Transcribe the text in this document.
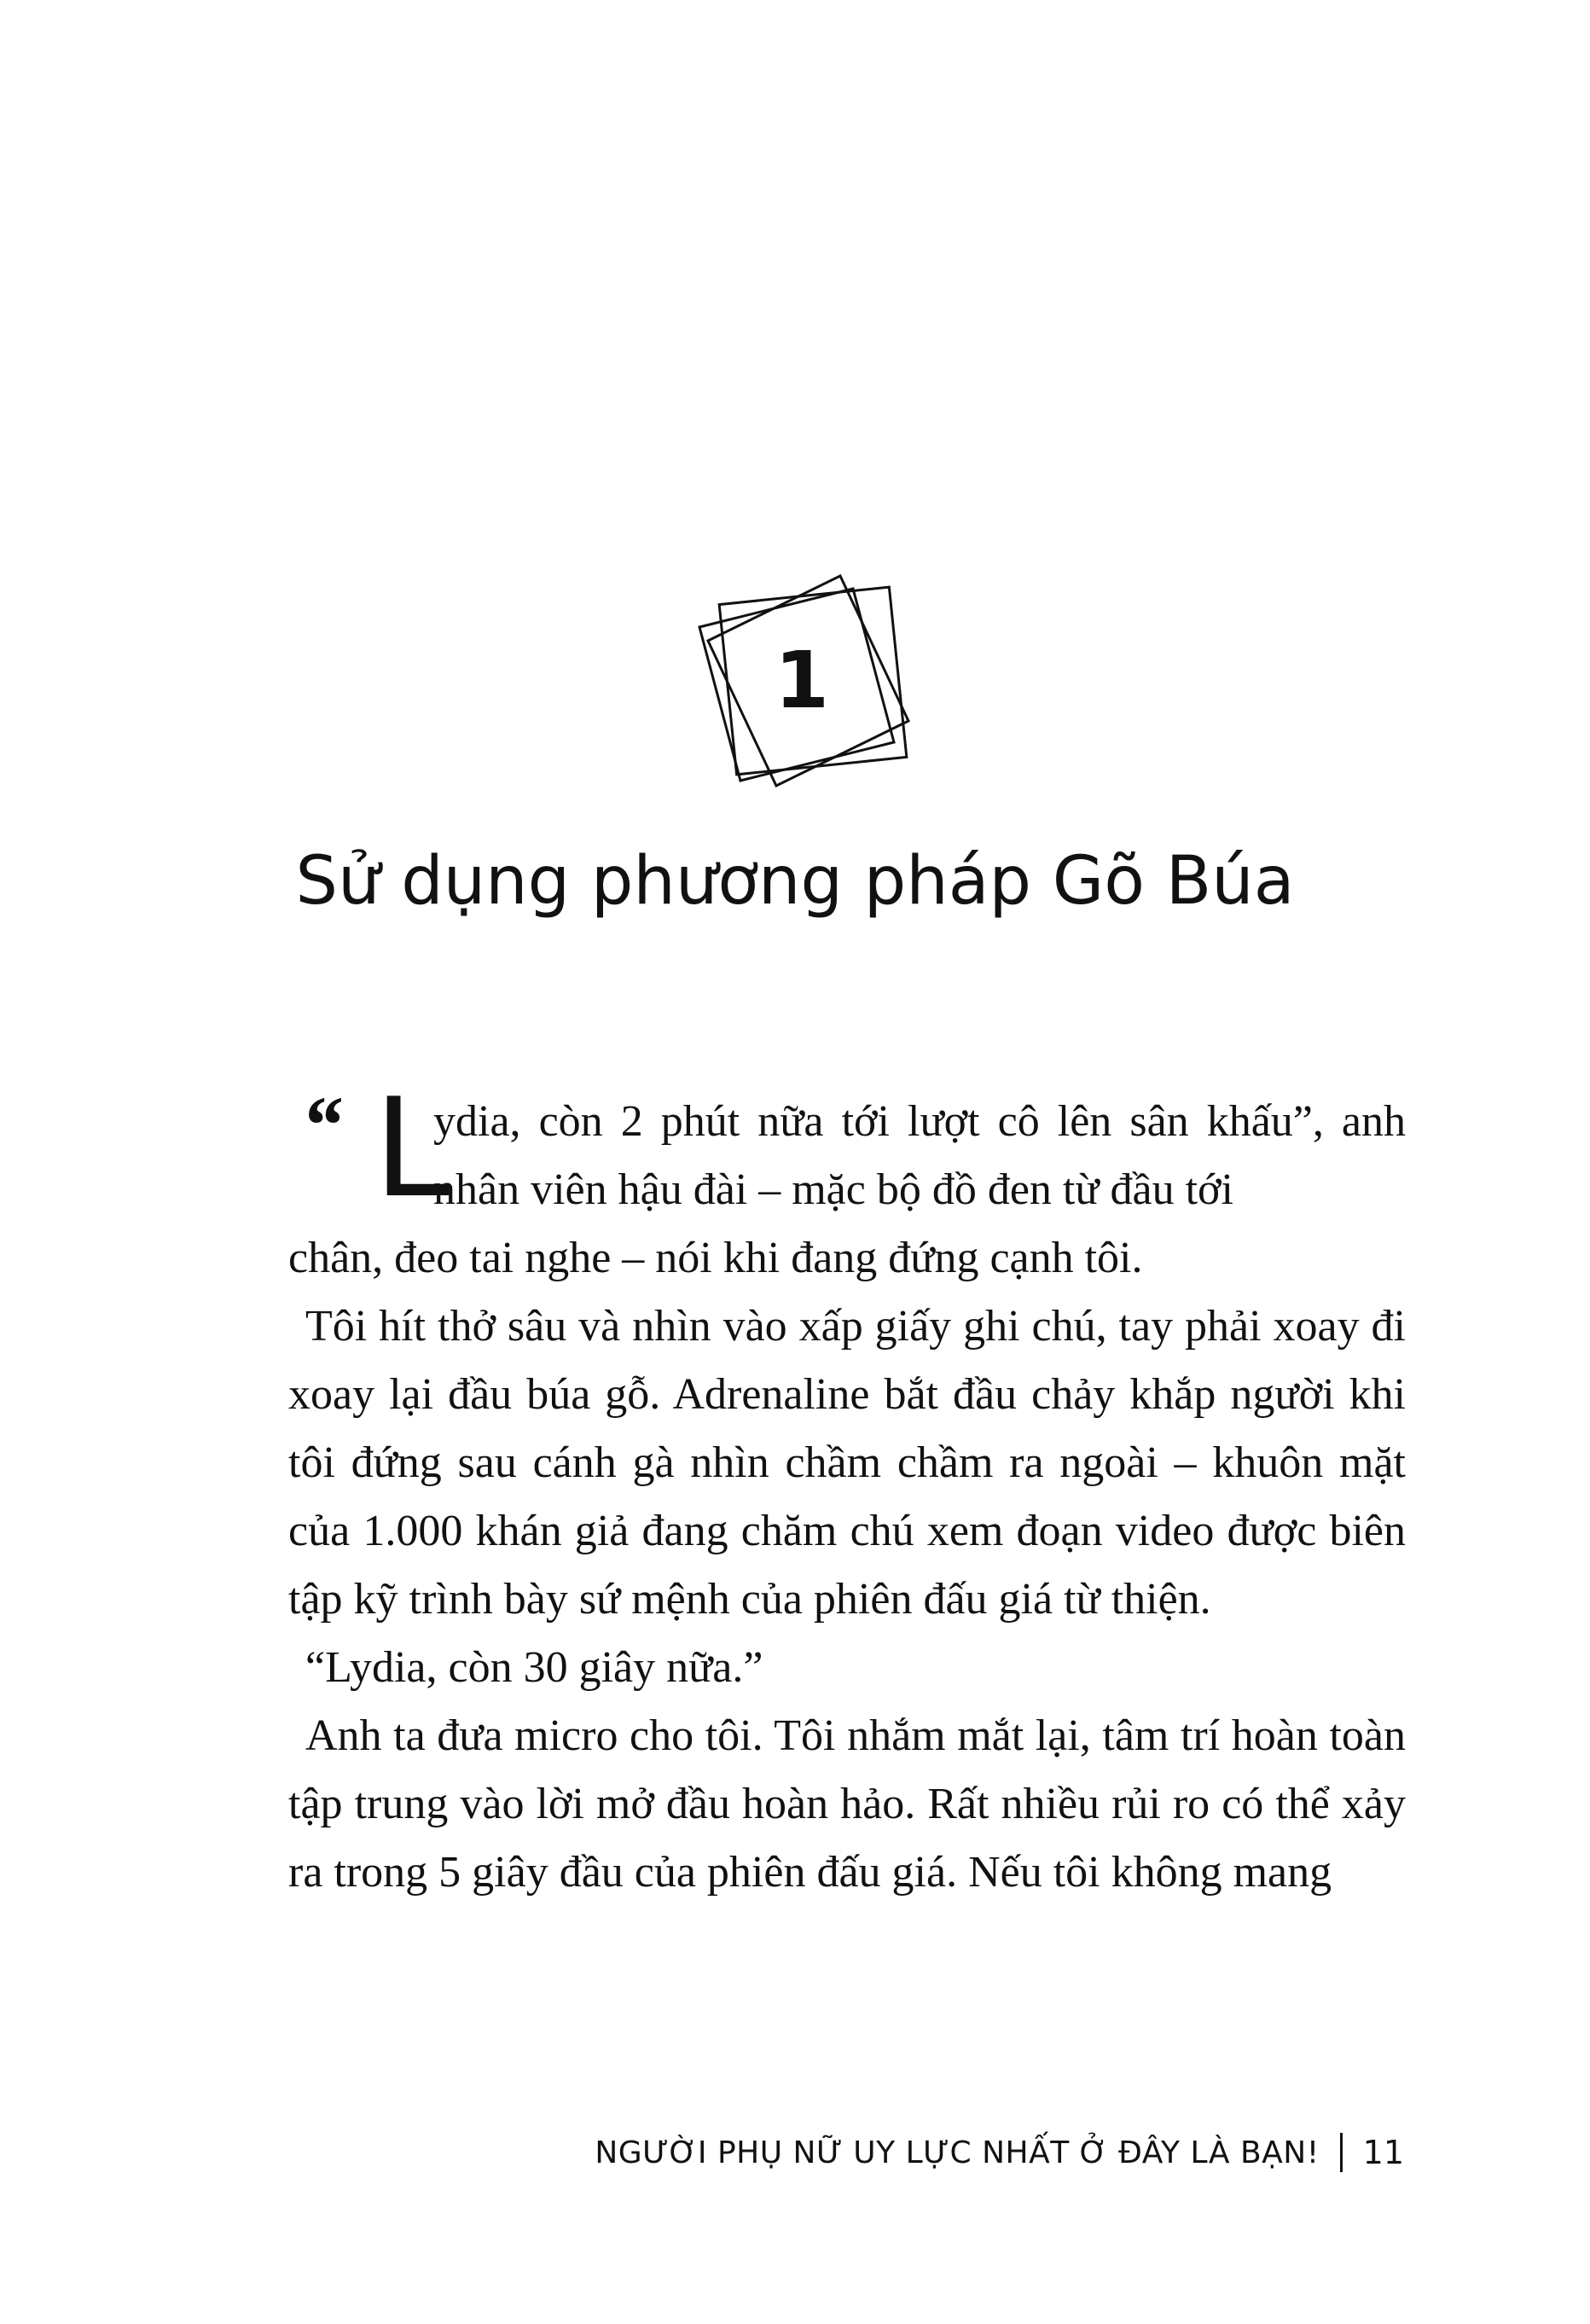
1
Sử dụng phương pháp Gõ Búa
“ L
ydia, còn 2 phút nữa tới lượt cô lên sân khấu”, anh nhân viên hậu đài – mặc bộ đồ đen từ đầu tới
chân, đeo tai nghe – nói khi đang đứng cạnh tôi.

Tôi hít thở sâu và nhìn vào xấp giấy ghi chú, tay phải xoay đi xoay lại đầu búa gỗ. Adrenaline bắt đầu chảy khắp người khi tôi đứng sau cánh gà nhìn chầm chầm ra ngoài – khuôn mặt của 1.000 khán giả đang chăm chú xem đoạn video được biên tập kỹ trình bày sứ mệnh của phiên đấu giá từ thiện.

“Lydia, còn 30 giây nữa.”

Anh ta đưa micro cho tôi. Tôi nhắm mắt lại, tâm trí hoàn toàn tập trung vào lời mở đầu hoàn hảo. Rất nhiều rủi ro có thể xảy ra trong 5 giây đầu của phiên đấu giá. Nếu tôi không mang

NGƯỜI PHỤ NỮ UY LỰC NHẤT Ở ĐÂY LÀ BẠN! 11
